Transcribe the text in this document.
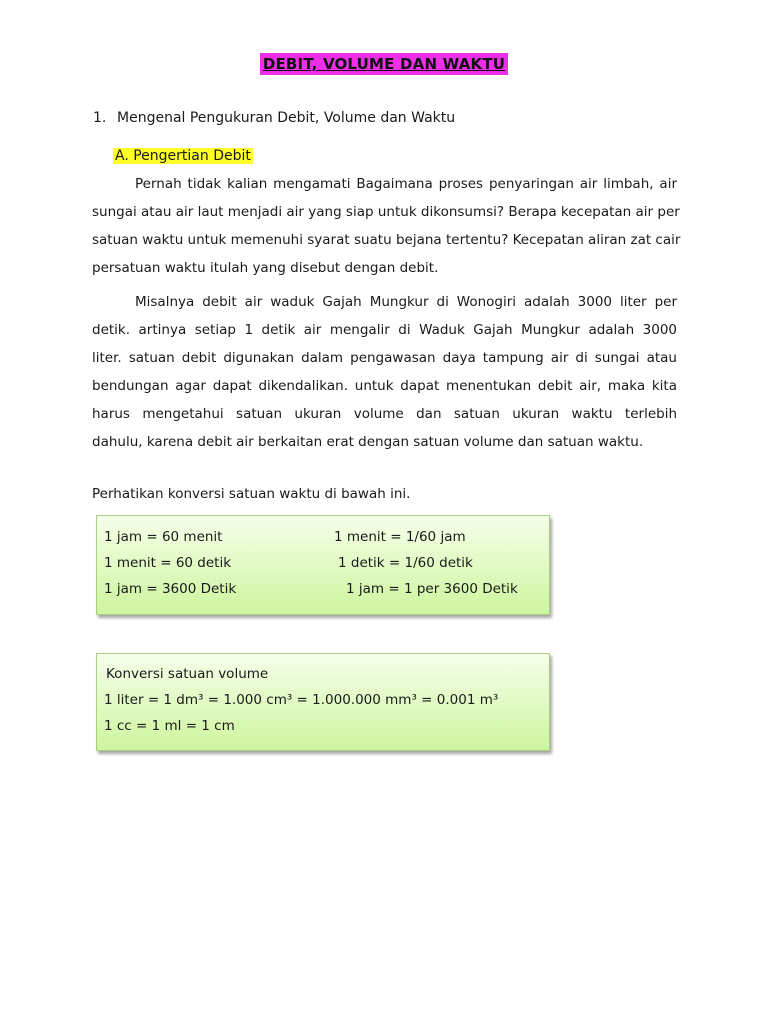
DEBIT, VOLUME DAN WAKTU
1. Mengenal Pengukuran Debit, Volume dan Waktu
A. Pengertian Debit
Pernah tidak kalian mengamati Bagaimana proses penyaringan air limbah, air
sungai atau air laut menjadi air yang siap untuk dikonsumsi? Berapa kecepatan air per
satuan waktu untuk memenuhi syarat suatu bejana tertentu? Kecepatan aliran zat cair
persatuan waktu itulah yang disebut dengan debit.
Misalnya debit air waduk Gajah Mungkur di Wonogiri adalah 3000 liter per
detik. artinya setiap 1 detik air mengalir di Waduk Gajah Mungkur adalah 3000
liter. satuan debit digunakan dalam pengawasan daya tampung air di sungai atau
bendungan agar dapat dikendalikan. untuk dapat menentukan debit air, maka kita
harus mengetahui satuan ukuran volume dan satuan ukuran waktu terlebih
dahulu, karena debit air berkaitan erat dengan satuan volume dan satuan waktu.
Perhatikan konversi satuan waktu di bawah ini.
1 jam = 60 menit
1 menit = 60 detik
1 jam = 3600 Detik
1 menit = 1/60 jam
1 detik = 1/60 detik
1 jam = 1 per 3600 Detik
Konversi satuan volume
1 liter = 1 dm³ = 1.000 cm³ = 1.000.000 mm³ = 0.001 m³
1 cc = 1 ml = 1 cm
